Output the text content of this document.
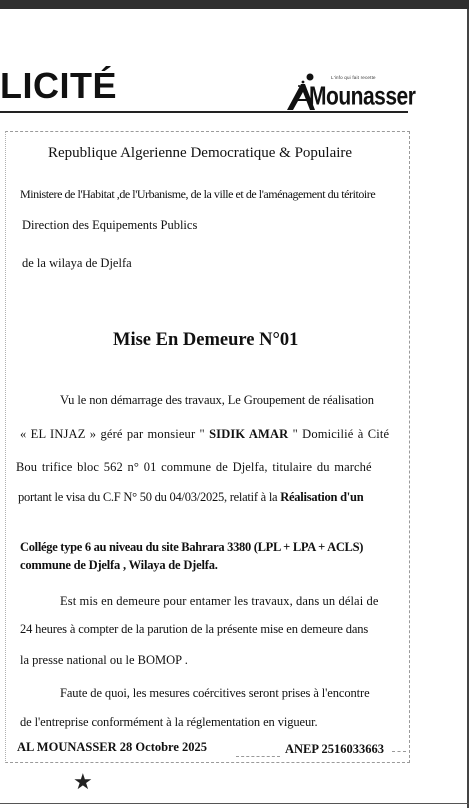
LICITÉ	L'info qui fait recette
Mounasser
Republique Algerienne Democratique & Populaire
Ministere de l'Habitat ,de l'Urbanisme, de la ville et de l'aménagement du téritoire
Direction des Equipements Publics
de la wilaya de Djelfa
Mise En Demeure N°01
Vu le non démarrage des travaux, Le Groupement de réalisation
« EL INJAZ » géré par monsieur " SIDIK AMAR " Domicilié à Cité
Bou trifice bloc 562 n° 01 commune de Djelfa, titulaire du marché
portant le visa du C.F N° 50 du 04/03/2025, relatif à la Réalisation d'un
Collége type 6 au niveau du site Bahrara 3380 (LPL + LPA + ACLS)
commune de Djelfa , Wilaya de Djelfa.
Est mis en demeure pour entamer les travaux, dans un délai de
24 heures à compter de la parution de la présente mise en demeure dans
la presse national ou le BOMOP .
Faute de quoi, les mesures coércitives seront prises à l'encontre
de l'entreprise conformément à la réglementation en vigueur.
AL MOUNASSER 28 Octobre 2025	ANEP 2516033663
★
